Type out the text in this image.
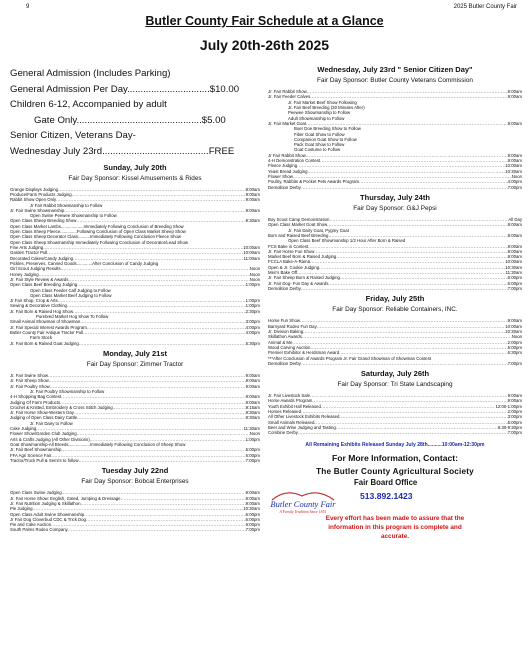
9	2025 Butler County Fair
Butler County Fair Schedule at a Glance
July 20th-26th 2025
General Admission (Includes Parking)
General Admission Per Day...............................$10.00
Children 6-12, Accompanied by adult
Gate Only...............................................$5.00
Senior Citizen, Veterans Day-
Wednesday July 23rd........................................FREE
Sunday, July 20th
Fair Day Sponsor: Kissel Amusements & Rides
Grange Displays Judging .....	9:00am
Produce/Farm Products Judging .....	9:00am
Rabbit Show Open Only .....	9:00am
Jr Fair Rabbit Showmanship to Follow
Jr. Fair Swine Showmanship .....	9:00am
Open Swine Peewee Showmanship to Follow
Open Class Sheep Breeding Show .....	9:30am
Open Class Market Lambs...................Immediately Following Conclusion of Breeding Show
Open Class Sheep Fleece..............Following Conclusion of Open Class Market Sheep Show
Open Class Sheep Decorator Class..........Immediately Following Conclusion Fleece Show
Open Class Sheep Showmanship Immediately Following Conclusion of Decorator/Lead Show
Fine Arts Judging .....	10:00am
Garden Tractor Pull .....	10:00am
Decorated Cakes/Candy Judging .....	11:00am
Pickles, Preserves, Canned Goods.............After Conclusion of Candy Judging
Girl Scout Judging Results .....	Noon
Honey Judging .....	Noon
Jr. Fair Style Review & Awards .....	Noon
Open Class Beef Breeding Judging .....	1:00pm
Open Class Feeder Calf Judging to Follow
Open Class Market Beef Judging to Follow
Jr Fair Shop, Crop & Arts .....	1:00pm
Sewing & Decorative Clothing .....	1:00pm
Jr. Fair Born & Raised Hog Show .....	2:30pm
Purebred Market Hog Show To Follow
Small Animal Showman of Showman .....	3:00pm
Jr. Fair Special Interest Awards Program .....	4:00pm
Butler County Fair Antique Tractor Pull .....	4:00pm
Farm Stock
Jr. Fair Born & Raised Goat Judging .....	5:30pm
Monday, July 21st
Fair Day Sponsor: Zimmer Tractor
Jr. Fair Swine Show .....	9:00am
Jr. Fair Sheep Show .....	9:00am
Jr. Fair Poultry Show .....	9:00am
Jr. Fair Poultry Showmanship to Follow
4-H Shopping Bag Contest .....	9:00am
Judging Of Farm Products .....	9:00am
Crochet & Knitted, Embroidery & Cross Stitch Judging .....	9:15am
Jr. Fair Horse Show-Western Day .....	9:30am
Judging of Open Class Dairy Cattle .....	9:30am
Jr. Fair Dairy to Follow
Cake Judging .....	11:30am
Flower Show/Garden Club Judging .....	Noon
Arts & Crafts Judging (All Other Divisions) .....	1:00pm
Goat Showmanship-All Breeds..................Immediately Following Conclusion of Sheep Show
Jr. Fair Beef Showmanship .....	5:00pm
FFA Agri Science Fair .....	6:00pm
Tractor/Truck Pull & Semi's to follow .....	7:00pm
Tuesday July 22nd
Fair Day Sponsor: Bobcat Enterprises
Open Class Swine Judging .....	9:00am
Jr. Fair Horse Show: English, Gated, Jumping & Dressage .....	9:00am
Jr. Fair Nutrition Judging & Skillathon .....	9:00am
Pie Judging .....	10:30am
Open Class Adult Swine Showmanship .....	6:00pm
Jr Fair Dog Cloverbud CDC & Trick Dog .....	6:00pm
Pie and Cake Auction .....	6:00pm
South Palms Rodeo Company .....	7:00pm
Wednesday, July 23rd " Senior Citizen Day"
Fair Day Sponsor: Butler County Veterans Commission
Jr. Fair Rabbit Show .....	8:00am
Jr. Fair Feeder Calves .....	9:00am
Jr. Fair Market Beef Show Following
Jr. Fair Beef Breeding (30 Minutes After)
Peewee Showmanship to Follow
Adult Showmanship to Follow
Jr. Fair Market Goat .....	9:00am
Boer Doe Breeding Show to Follow
Fiber Goat Show to Follow
Companion Goat Show to Follow
Pack Goat Show to Follow
Goat Costume to Follow
Jr Fair Rabbit Show .....	9:00am
4-H Demonstration Contest .....	9:00am
Fleece Judging .....	10:00am
Yeast Bread Judging .....	10:30am
Flower Show .....	Noon
Poultry, Rabbits & Pocket Pets Awards Program .....	4:00pm
Demolition Derby .....	7:00pm
Thursday, July 24th
Fair Day Sponsor: G&J Pepsi
Boy Scout Camp Demonstration .....	All Day
Open Class Market Goat Show .....	9:00am
Jr. Fair Dairy Goat, Pygmy Goat
Born and Raised Beef Breeding .....	9:00am
Open Class Beef Showmanship 1/2 Hour After Born & Raised
FCS Bake in Contest .....	9:00am
Jr. Fair Horse Fun Show .....	9:00am
Market Beef Born & Raised Judging .....	9:00am
FCCLA Bake-A-Rama .....	10:00am
Open & Jr. Cookie Judging .....	10:30am
Men's Bake Off .....	11:30am
Jr. Fair Sheep Born & Raised Judging .....	6:00pm
Jr. Fair Dog- Fun Day & Awards .....	6:00pm
Demolition Derby .....	7:00pm
Friday, July 25th
Fair Day Sponsor: Reliable Containers, INC.
Horse Fun Show .....	9:00am
Barnyard Rodeo Fun Day .....	10:00am
Jr. Division Baking .....	10:30am
Skillathon Awards .....	Noon
Animal & Me .....	2:00pm
Wood Carving Auction .....	5:00pm
Premier Exhibitor & Herdsman Award .....	6:30pm
***After Conclusion of Awards Program Jr. Fair Grand Showman of Showman Contest
Demolition Derby .....	7:00pm
Saturday, July 26th
Fair Day Sponsor: Tri State Landscaping
Jr. Fair Livestock Sale .....	9:00am
Horse Awards Program .....	9:00am
Youth Exhibit Hall Released .....	12:00-1:00pm
Horses Released .....	2:00pm
All Other Livestock Exhibits Released .....	3:00pm
Small Animals Released .....	5:00pm
Beer and Wine Judging and Tasting .....	6:30-9:30pm
Combine Derby .....	7:00pm
All Remaining Exhibits Released Sunday July 28th..........10:00am-12:30pm
For More Information, Contact:
The Butler County Agricultural Society
Butler County Fair
A Family Tradition Since 1851
Fair Board Office
513.892.1423
Every effort has been made to assure that the
information in this program is complete and
accurate.
